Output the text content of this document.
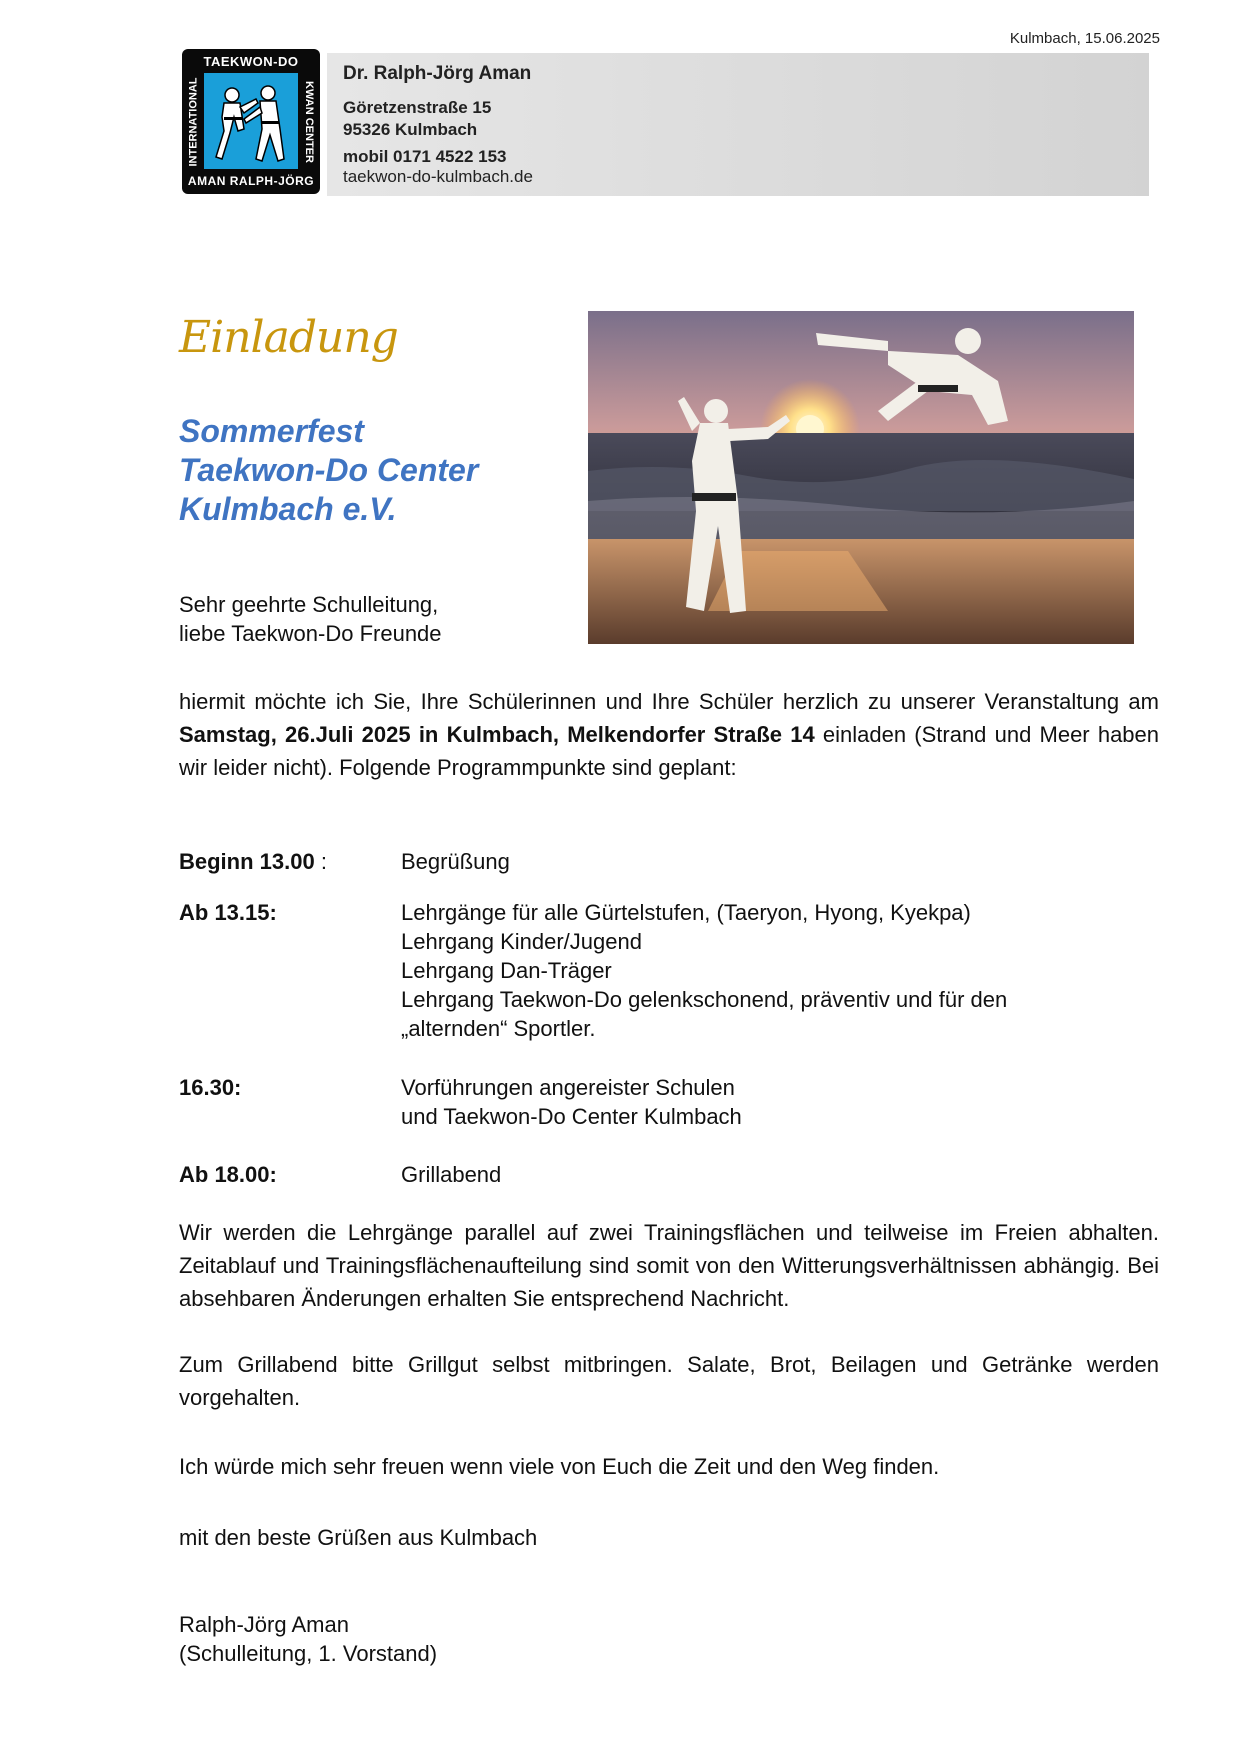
Kulmbach, 15.06.2025
TAEKWON-DO
INTERNATIONAL	KWAN CENTER
AMAN RALPH-JÖRG
Dr. Ralph-Jörg Aman
Göretzenstraße 15
95326 Kulmbach
mobil 0171 4522 153
taekwon-do-kulmbach.de
Einladung
Sommerfest
Taekwon-Do Center
Kulmbach e.V.
Sehr geehrte Schulleitung,
liebe Taekwon-Do Freunde
hiermit möchte ich Sie, Ihre Schülerinnen und Ihre Schüler herzlich zu unserer Veranstaltung am Samstag, 26.Juli 2025 in Kulmbach, Melkendorfer Straße 14 einladen (Strand und Meer haben wir leider nicht). Folgende Programmpunkte sind geplant:
Beginn 13.00 :	Begrüßung
Ab 13.15:	Lehrgänge für alle Gürtelstufen, (Taeryon, Hyong, Kyekpa)
Lehrgang Kinder/Jugend
Lehrgang Dan-Träger
Lehrgang Taekwon-Do gelenkschonend, präventiv und für den
„alternden“ Sportler.
16.30:	Vorführungen angereister Schulen
und Taekwon-Do Center Kulmbach
Ab 18.00:	Grillabend
Wir werden die Lehrgänge parallel auf zwei Trainingsflächen und teilweise im Freien abhalten. Zeitablauf und Trainingsflächenaufteilung sind somit von den Witterungsverhältnissen abhängig. Bei absehbaren Änderungen erhalten Sie entsprechend Nachricht.
Zum Grillabend bitte Grillgut selbst mitbringen. Salate, Brot, Beilagen und Getränke werden vorgehalten.
Ich würde mich sehr freuen wenn viele von Euch die Zeit und den Weg finden.
mit den beste Grüßen aus Kulmbach
Ralph-Jörg Aman
(Schulleitung, 1. Vorstand)
